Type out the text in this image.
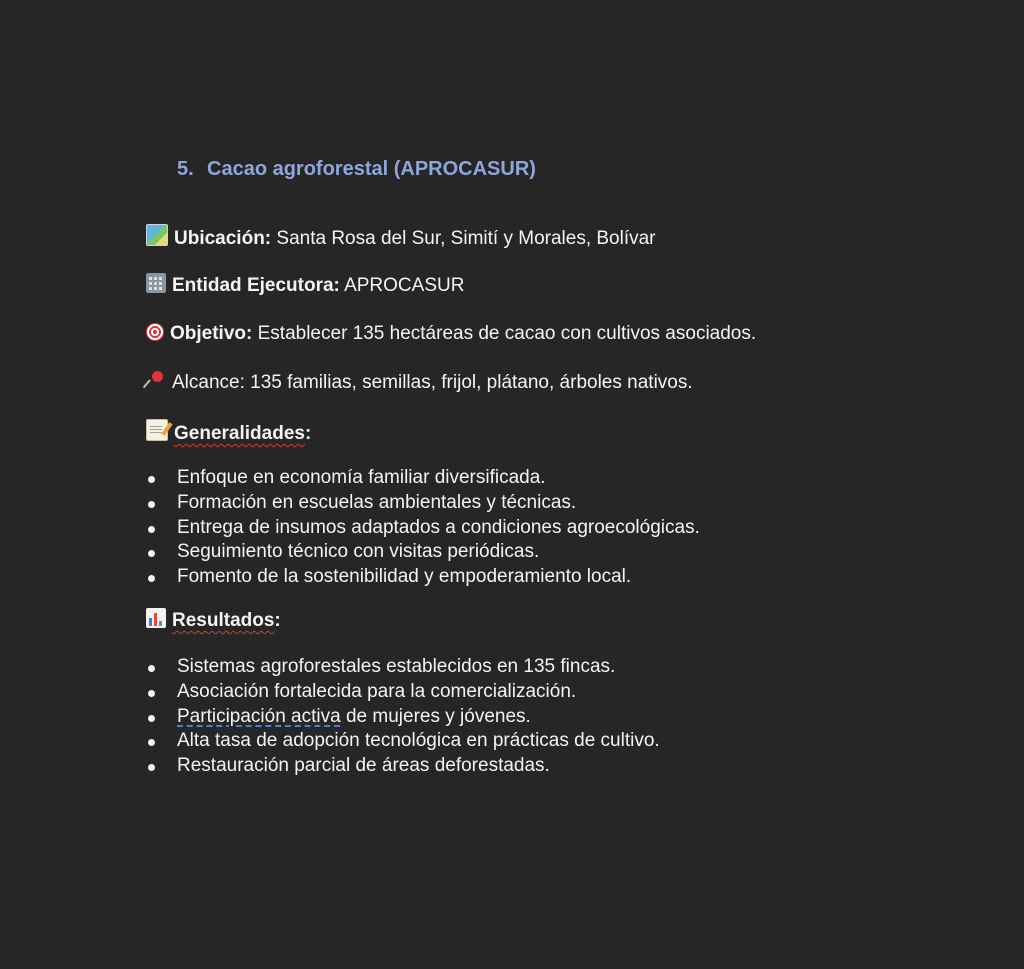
5. Cacao agroforestal (APROCASUR)
Ubicación: Santa Rosa del Sur, Simití y Morales, Bolívar
Entidad Ejecutora: APROCASUR
Objetivo: Establecer 135 hectáreas de cacao con cultivos asociados.
Alcance: 135 familias, semillas, frijol, plátano, árboles nativos.
Generalidades:
Enfoque en economía familiar diversificada.
Formación en escuelas ambientales y técnicas.
Entrega de insumos adaptados a condiciones agroecológicas.
Seguimiento técnico con visitas periódicas.
Fomento de la sostenibilidad y empoderamiento local.
Resultados:
Sistemas agroforestales establecidos en 135 fincas.
Asociación fortalecida para la comercialización.
Participación activa de mujeres y jóvenes.
Alta tasa de adopción tecnológica en prácticas de cultivo.
Restauración parcial de áreas deforestadas.
